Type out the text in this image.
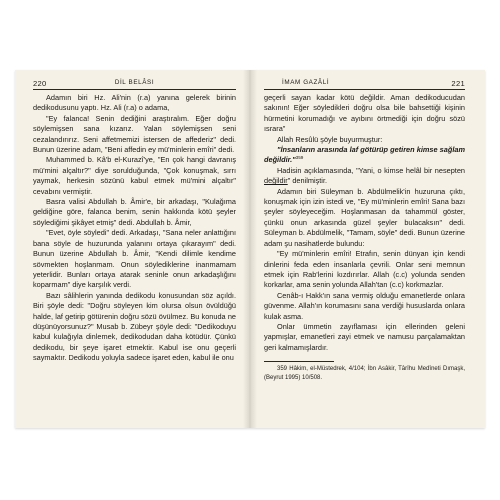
220	DİL BELÂSI

Adamın biri Hz. Ali'nin (r.a) yanına gelerek birinin dedikodusunu yaptı. Hz. Ali (r.a) o adama,

"Ey falanca! Senin dediğini araştıralım. Eğer doğru söylemişsen sana kızarız. Yalan söylemişsen seni cezalandırırız. Seni affetmemizi istersen de affederiz" dedi. Bunun üzerine adam, "Beni affedin ey mü'minlerin emîri" dedi.

Muhammed b. Kâ'b el-Kurazî'ye, "En çok hangi davranış mü'mini alçaltır?" diye sorulduğunda, "Çok konuşmak, sırrı yaymak, herkesin sözünü kabul etmek mü'mini alçaltır" cevabını vermiştir.

Basra valisi Abdullah b. Âmir'e, bir arkadaşı, "Kulağıma geldiğine göre, falanca benim, senin hakkında kötü şeyler söylediğimi şikâyet etmiş" dedi. Abdullah b. Âmir,

"Evet, öyle söyledi" dedi. Arkadaşı, "Sana neler anlattığını bana söyle de huzurunda yalanını ortaya çıkarayım" dedi. Bunun üzerine Abdullah b. Âmir, "Kendi dilimle kendime sövmekten hoşlanmam. Onun söylediklerine inanmamam yeterlidir. Bunları ortaya atarak seninle onun arkadaşlığını koparmam" diye karşılık verdi.

Bazı sâlihlerin yanında dedikodu konusundan söz açıldı. Biri şöyle dedi: "Doğru söyleyen kim olursa olsun övüldüğü halde, laf getirip götürenin doğru sözü övülmez. Bu konuda ne düşünüyorsunuz?" Musab b. Zübeyr şöyle dedi: "Dedikoduyu kabul kulağıyla dinlemek, dedikodudan daha kötüdür. Çünkü dedikodu, bir şeye işaret etmektir. Kabul ise onu geçerli saymaktır. Dedikodu yoluyla sadece işaret eden, kabul ile onu

İMAM GAZÂLİ	221

geçerli sayan kadar kötü değildir. Aman dedikoducudan sakının! Eğer söyledikleri doğru olsa bile bahsettiği kişinin hürmetini korumadığı ve ayıbını örtmediği için doğru sözü ısrara"

Allah Resûlü şöyle buyurmuştur:

"İnsanların arasında laf götürüp getiren kimse sağlam değildir."$^{359}$

Hadisin açıklamasında, "Yani, o kimse helâl bir nesepten değildir" denilmiştir.

Adamın biri Süleyman b. Abdülmelik'in huzuruna çıktı, konuşmak için izin istedi ve, "Ey mü'minlerin emîri! Sana bazı şeyler söyleyeceğim. Hoşlanmasan da tahammül göster, çünkü onun arkasında güzel şeyler bulacaksın" dedi. Süleyman b. Abdülmelik, "Tamam, söyle" dedi. Bunun üzerine adam şu nasihatlerde bulundu:

"Ey mü'minlerin emîri! Etrafın, senin dünyan için kendi dinlerini feda eden insanlarla çevrili. Onlar seni memnun etmek için Rab'lerini kızdırırlar. Allah (c.c) yolunda senden korkarlar, ama senin yolunda Allah'tan (c.c) korkmazlar.

Cenâb-ı Hakk'ın sana vermiş olduğu emanetlerde onlara güvenme. Allah'ın korumasını sana verdiği hususlarda onlara kulak asma.

Onlar ümmetin zayıflaması için ellerinden geleni yapmışlar, emanetleri zayi etmek ve namusu parçalamaktan geri kalmamışlardır.

359 Hâkim, el-Müstedrek, 4/104; İbn Asâkir, Târîhu Medîneti Dımaşk, (Beyrut 1995) 10/508.
